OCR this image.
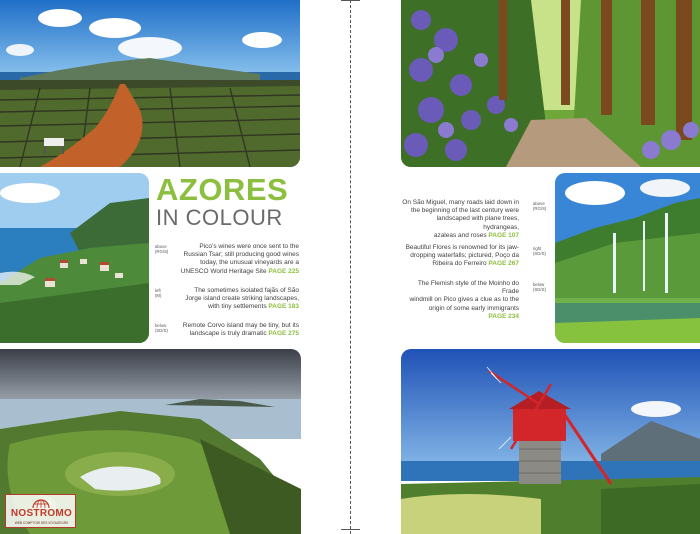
AZORES
IN COLOUR
above
(RG/S)
Pico’s wines were once sent to the
Russian Tsar; still producing good wines
today, the unusual vineyards are a
UNESCO World Heritage Site PAGE 225
left
(M)
The sometimes isolated fajãs of São
Jorge island create striking landscapes,
with tiny settlements PAGE 183
below
(SD/S)
Remote Corvo island may be tiny, but its
landscape is truly dramatic PAGE 275
On São Miguel, many roads laid down in
the beginning of the last century were
landscaped with plane trees, hydrangeas,
azaleas and roses PAGE 107
above
(RG/S)
Beautiful Flores is renowned for its jaw-
dropping waterfalls; pictured, Poço da
Ribeira do Ferreiro PAGE 267
right
(SD/S)
The Flemish style of the Moinho do Frade
windmill on Pico gives a clue as to the
origin of some early immigrants
PAGE 234
below
(SD/S)
NOSTROMO
WEB COMPTOIR DES VOYAGEURS
